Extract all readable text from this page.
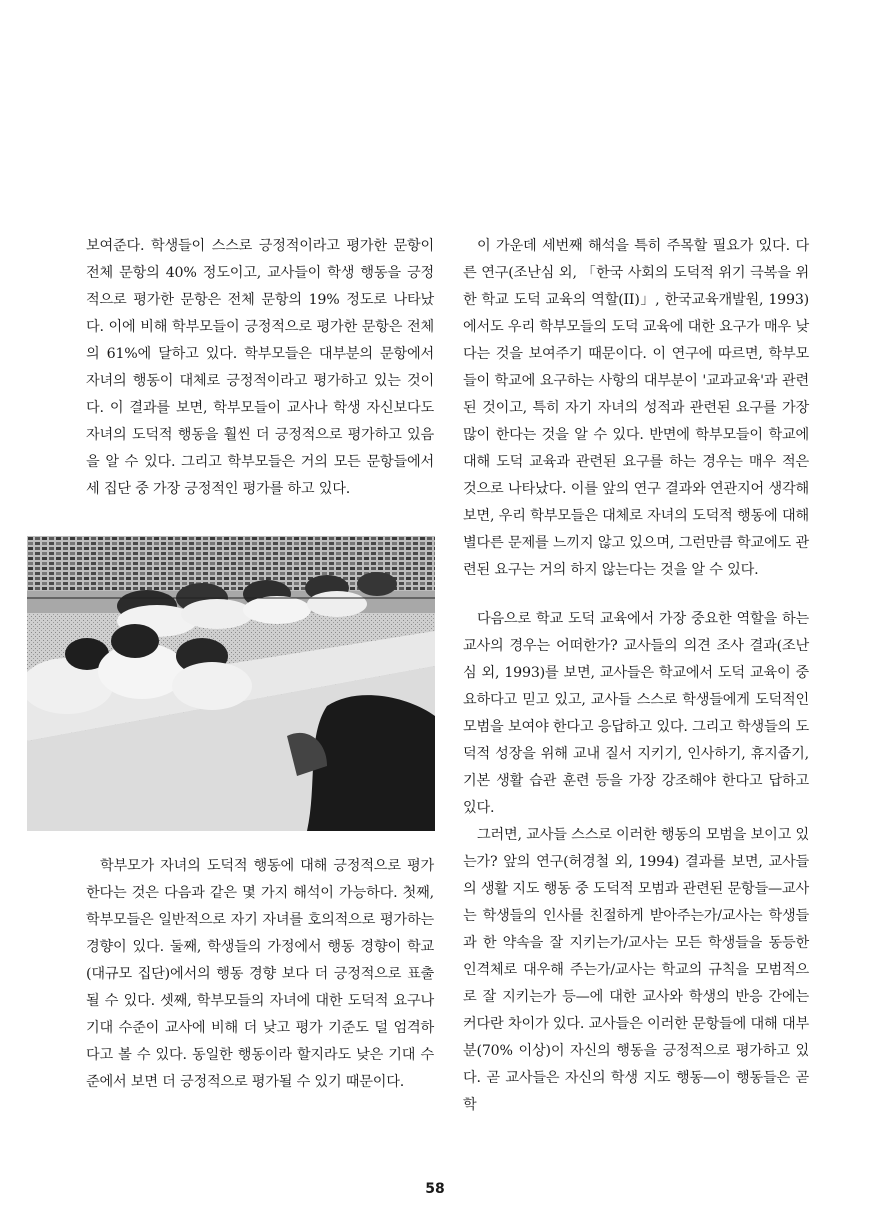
보여준다. 학생들이 스스로 긍정적이라고 평가한 문항이 전체 문항의 40% 정도이고, 교사들이 학생 행동을 긍정적으로 평가한 문항은 전체 문항의 19% 정도로 나타났다. 이에 비해 학부모들이 긍정적으로 평가한 문항은 전체의 61%에 달하고 있다. 학부모들은 대부분의 문항에서 자녀의 행동이 대체로 긍정적이라고 평가하고 있는 것이다. 이 결과를 보면, 학부모들이 교사나 학생 자신보다도 자녀의 도덕적 행동을 훨씬 더 긍정적으로 평가하고 있음을 알 수 있다. 그리고 학부모들은 거의 모든 문항들에서 세 집단 중 가장 긍정적인 평가를 하고 있다.

학부모가 자녀의 도덕적 행동에 대해 긍정적으로 평가한다는 것은 다음과 같은 몇 가지 해석이 가능하다. 첫째, 학부모들은 일반적으로 자기 자녀를 호의적으로 평가하는 경향이 있다. 둘째, 학생들의 가정에서 행동 경향이 학교(대규모 집단)에서의 행동 경향 보다 더 긍정적으로 표출될 수 있다. 셋째, 학부모들의 자녀에 대한 도덕적 요구나 기대 수준이 교사에 비해 더 낮고 평가 기준도 덜 엄격하다고 볼 수 있다. 동일한 행동이라 할지라도 낮은 기대 수준에서 보면 더 긍정적으로 평가될 수 있기 때문이다.

이 가운데 세번째 해석을 특히 주목할 필요가 있다. 다른 연구(조난심 외, 「한국 사회의 도덕적 위기 극복을 위한 학교 도덕 교육의 역할(II)」, 한국교육개발원, 1993)에서도 우리 학부모들의 도덕 교육에 대한 요구가 매우 낮다는 것을 보여주기 때문이다. 이 연구에 따르면, 학부모들이 학교에 요구하는 사항의 대부분이 '교과교육'과 관련된 것이고, 특히 자기 자녀의 성적과 관련된 요구를 가장 많이 한다는 것을 알 수 있다. 반면에 학부모들이 학교에 대해 도덕 교육과 관련된 요구를 하는 경우는 매우 적은 것으로 나타났다. 이를 앞의 연구 결과와 연관지어 생각해 보면, 우리 학부모들은 대체로 자녀의 도덕적 행동에 대해 별다른 문제를 느끼지 않고 있으며, 그런만큼 학교에도 관련된 요구는 거의 하지 않는다는 것을 알 수 있다.

다음으로 학교 도덕 교육에서 가장 중요한 역할을 하는 교사의 경우는 어떠한가? 교사들의 의견 조사 결과(조난심 외, 1993)를 보면, 교사들은 학교에서 도덕 교육이 중요하다고 믿고 있고, 교사들 스스로 학생들에게 도덕적인 모범을 보여야 한다고 응답하고 있다. 그리고 학생들의 도덕적 성장을 위해 교내 질서 지키기, 인사하기, 휴지줍기, 기본 생활 습관 훈련 등을 가장 강조해야 한다고 답하고 있다.

그러면, 교사들 스스로 이러한 행동의 모범을 보이고 있는가? 앞의 연구(허경철 외, 1994) 결과를 보면, 교사들의 생활 지도 행동 중 도덕적 모범과 관련된 문항들—교사는 학생들의 인사를 친절하게 받아주는가/교사는 학생들과 한 약속을 잘 지키는가/교사는 모든 학생들을 동등한 인격체로 대우해 주는가/교사는 학교의 규칙을 모범적으로 잘 지키는가 등—에 대한 교사와 학생의 반응 간에는 커다란 차이가 있다. 교사들은 이러한 문항들에 대해 대부분(70% 이상)이 자신의 행동을 긍정적으로 평가하고 있다. 곧 교사들은 자신의 학생 지도 행동—이 행동들은 곧 학

58
